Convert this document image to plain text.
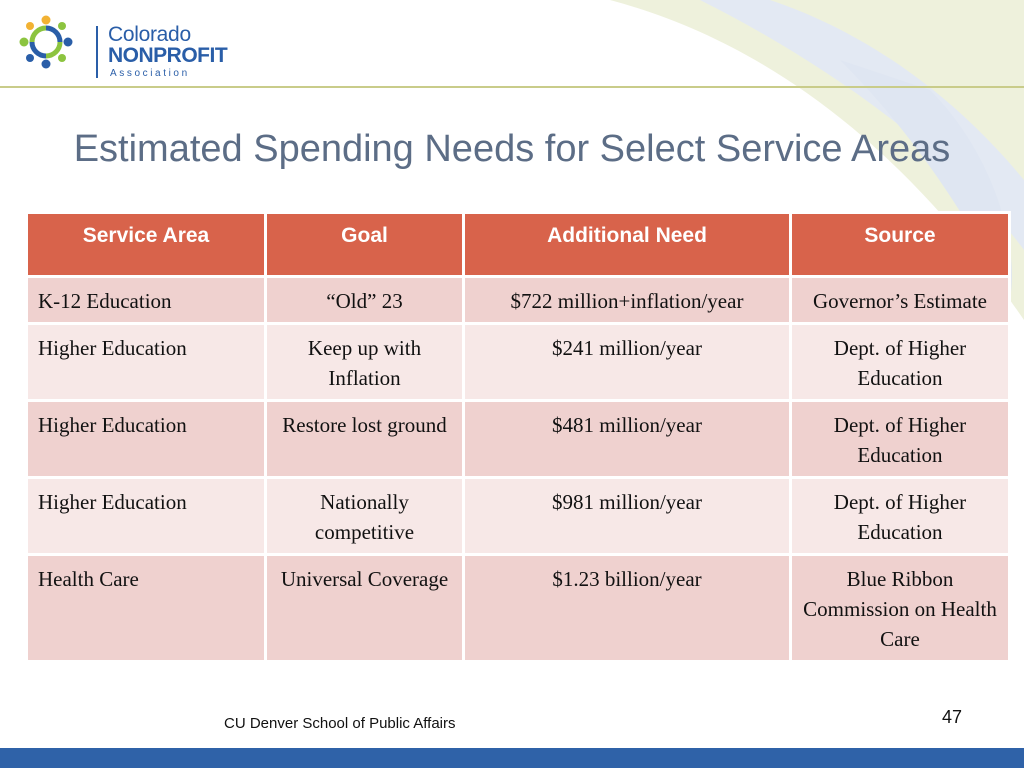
Colorado
NONPROFIT
Association
Estimated Spending Needs for Select Service Areas
Service Area	Goal	Additional Need	Source
K-12 Education	“Old” 23	$722 million+inflation/year	Governor’s Estimate
Higher Education	Keep up with Inflation	$241 million/year	Dept. of Higher Education
Higher Education	Restore lost ground	$481 million/year	Dept. of Higher Education
Higher Education	Nationally competitive	$981 million/year	Dept. of Higher Education
Health Care	Universal Coverage	$1.23 billion/year	Blue Ribbon Commission on Health Care
CU Denver School of Public Affairs	47
